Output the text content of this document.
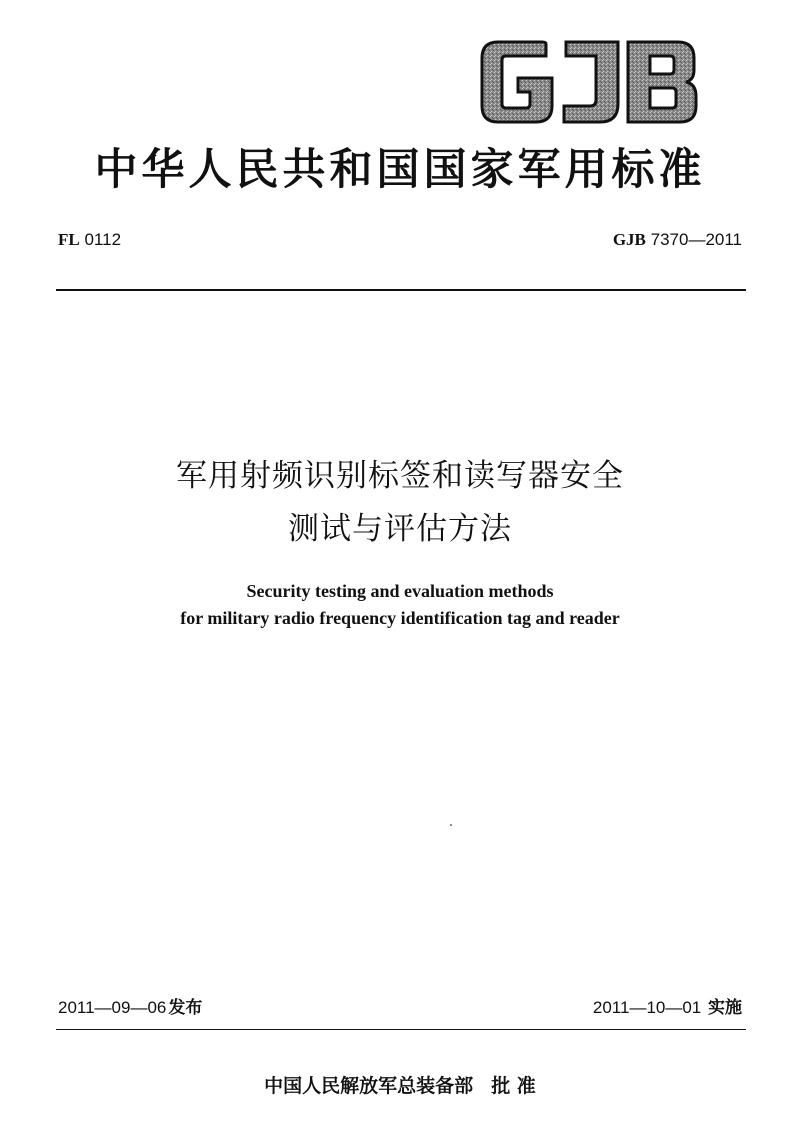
中华人民共和国国家军用标准
FL 0112	GJB 7370—2011
军用射频识别标签和读写器安全
测试与评估方法
Security testing and evaluation methods
for military radio frequency identification tag and reader
2011—09—06 发布	2011—10—01 实施
中国人民解放军总装备部 批 准
